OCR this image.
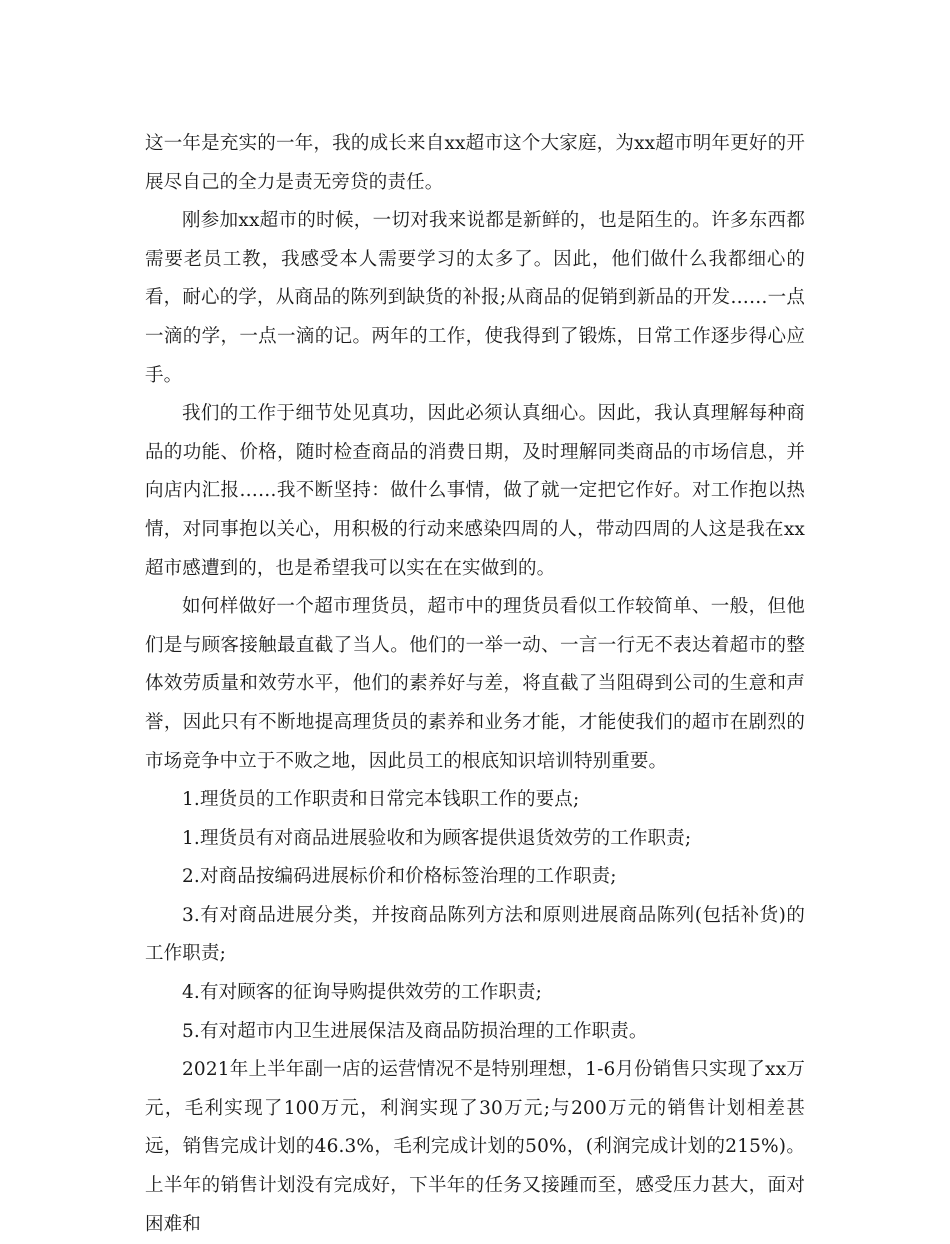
这一年是充实的一年，我的成长来自xx超市这个大家庭，为xx超市明年更好的开展尽自己的全力是责无旁贷的责任。

刚参加xx超市的时候，一切对我来说都是新鲜的，也是陌生的。许多东西都需要老员工教，我感受本人需要学习的太多了。因此，他们做什么我都细心的看，耐心的学，从商品的陈列到缺货的补报;从商品的促销到新品的开发……一点一滴的学，一点一滴的记。两年的工作，使我得到了锻炼，日常工作逐步得心应手。

我们的工作于细节处见真功，因此必须认真细心。因此，我认真理解每种商品的功能、价格，随时检查商品的消费日期，及时理解同类商品的市场信息，并向店内汇报……我不断坚持：做什么事情，做了就一定把它作好。对工作抱以热情，对同事抱以关心，用积极的行动来感染四周的人，带动四周的人这是我在xx超市感遭到的，也是希望我可以实在在实做到的。

如何样做好一个超市理货员，超市中的理货员看似工作较简单、一般，但他们是与顾客接触最直截了当人。他们的一举一动、一言一行无不表达着超市的整体效劳质量和效劳水平，他们的素养好与差，将直截了当阻碍到公司的生意和声誉，因此只有不断地提高理货员的素养和业务才能，才能使我们的超市在剧烈的市场竞争中立于不败之地，因此员工的根底知识培训特别重要。

1.理货员的工作职责和日常完本钱职工作的要点;

1.理货员有对商品进展验收和为顾客提供退货效劳的工作职责;

2.对商品按编码进展标价和价格标签治理的工作职责;

3.有对商品进展分类，并按商品陈列方法和原则进展商品陈列(包括补货)的工作职责;

4.有对顾客的征询导购提供效劳的工作职责;

5.有对超市内卫生进展保洁及商品防损治理的工作职责。

2021年上半年副一店的运营情况不是特别理想，1-6月份销售只实现了xx万元，毛利实现了100万元，利润实现了30万元;与200万元的销售计划相差甚远，销售完成计划的46.3%，毛利完成计划的50%，(利润完成计划的215%)。上半年的销售计划没有完成好，下半年的任务又接踵而至，感受压力甚大，面对困难和
